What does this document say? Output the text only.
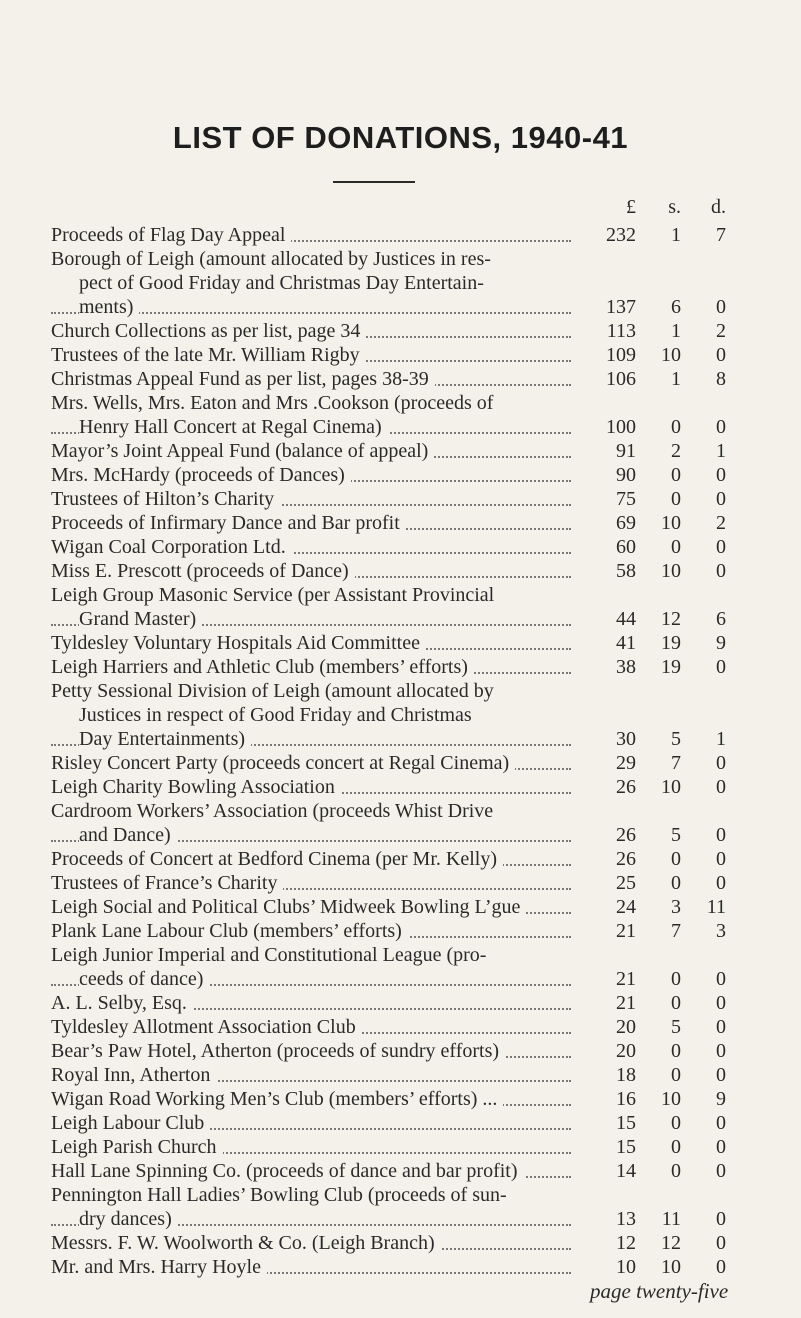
LIST OF DONATIONS, 1940-41
£	s.	d.
Proceeds of Flag Day Appeal	232	1	7
Borough of Leigh (amount allocated by Justices in res-
pect of Good Friday and Christmas Day Entertain-
ments)	137	6	0
Church Collections as per list, page 34	113	1	2
Trustees of the late Mr. William Rigby	109	10	0
Christmas Appeal Fund as per list, pages 38-39	106	1	8
Mrs. Wells, Mrs. Eaton and Mrs .Cookson (proceeds of
Henry Hall Concert at Regal Cinema)	100	0	0
Mayor’s Joint Appeal Fund (balance of appeal)	91	2	1
Mrs. McHardy (proceeds of Dances)	90	0	0
Trustees of Hilton’s Charity	75	0	0
Proceeds of Infirmary Dance and Bar profit	69	10	2
Wigan Coal Corporation Ltd.	60	0	0
Miss E. Prescott (proceeds of Dance)	58	10	0
Leigh Group Masonic Service (per Assistant Provincial
Grand Master)	44	12	6
Tyldesley Voluntary Hospitals Aid Committee	41	19	9
Leigh Harriers and Athletic Club (members’ efforts)	38	19	0
Petty Sessional Division of Leigh (amount allocated by
Justices in respect of Good Friday and Christmas
Day Entertainments)	30	5	1
Risley Concert Party (proceeds concert at Regal Cinema)	29	7	0
Leigh Charity Bowling Association	26	10	0
Cardroom Workers’ Association (proceeds Whist Drive
and Dance)	26	5	0
Proceeds of Concert at Bedford Cinema (per Mr. Kelly)	26	0	0
Trustees of France’s Charity	25	0	0
Leigh Social and Political Clubs’ Midweek Bowling L’gue	24	3	11
Plank Lane Labour Club (members’ efforts)	21	7	3
Leigh Junior Imperial and Constitutional League (pro-
ceeds of dance)	21	0	0
A. L. Selby, Esq.	21	0	0
Tyldesley Allotment Association Club	20	5	0
Bear’s Paw Hotel, Atherton (proceeds of sundry efforts)	20	0	0
Royal Inn, Atherton	18	0	0
Wigan Road Working Men’s Club (members’ efforts) ...	16	10	9
Leigh Labour Club	15	0	0
Leigh Parish Church	15	0	0
Hall Lane Spinning Co. (proceeds of dance and bar profit)	14	0	0
Pennington Hall Ladies’ Bowling Club (proceeds of sun-
dry dances)	13	11	0
Messrs. F. W. Woolworth & Co. (Leigh Branch)	12	12	0
Mr. and Mrs. Harry Hoyle	10	10	0
page twenty-five
